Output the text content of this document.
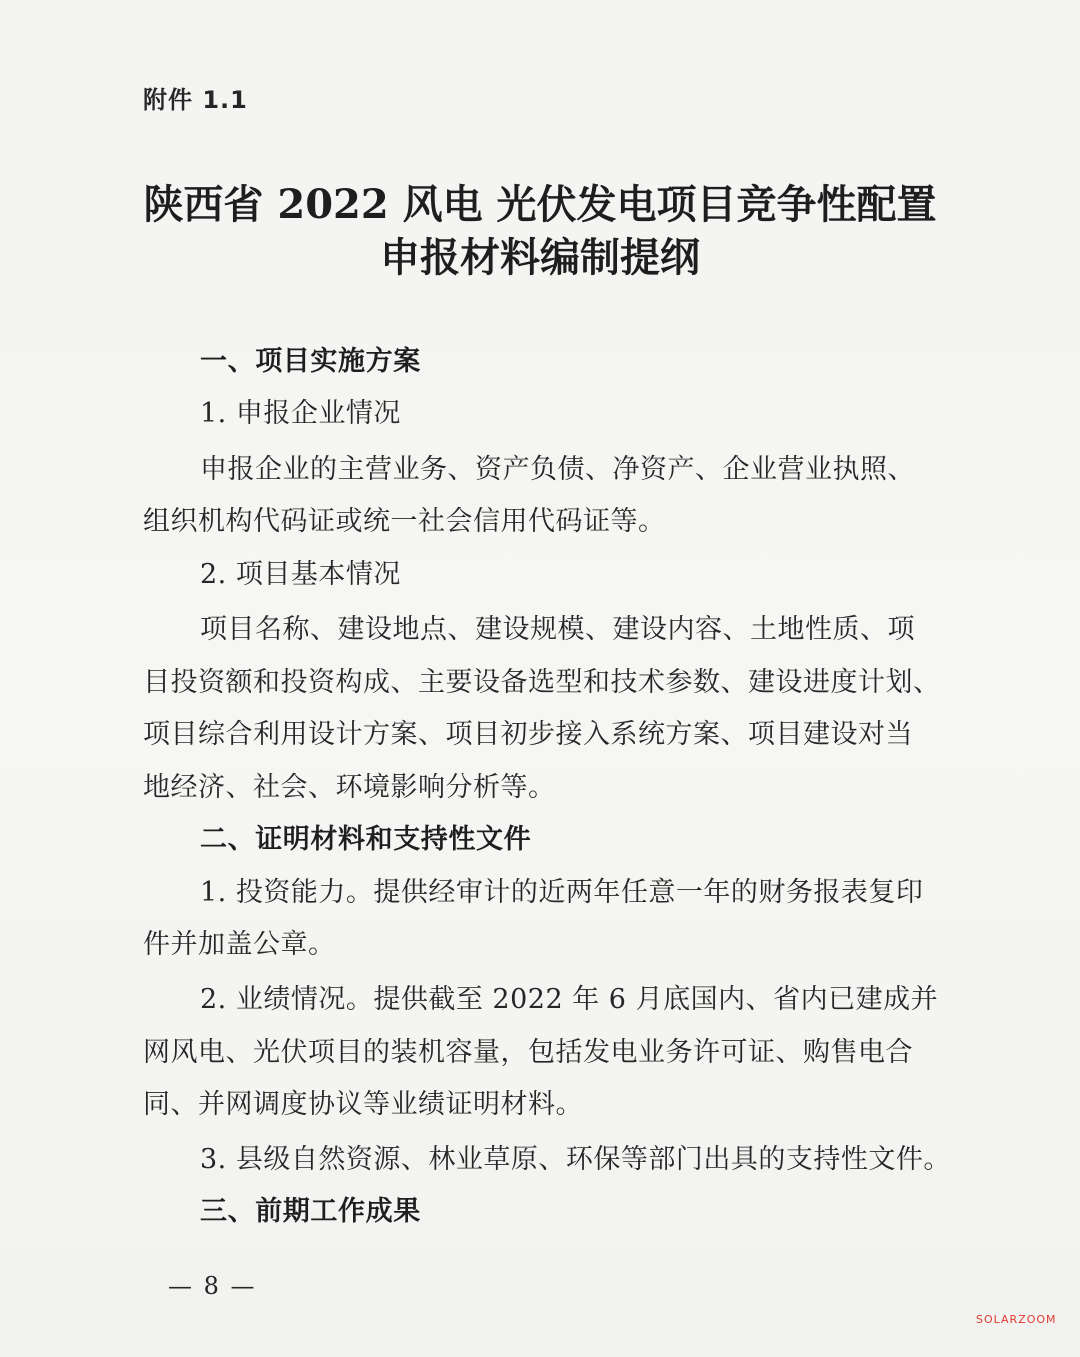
附件 1.1
陕西省 2022 风电 光伏发电项目竞争性配置
申报材料编制提纲
一、项目实施方案
1. 申报企业情况
申报企业的主营业务、资产负债、净资产、企业营业执照、
组织机构代码证或统一社会信用代码证等。
2. 项目基本情况
项目名称、建设地点、建设规模、建设内容、土地性质、项
目投资额和投资构成、主要设备选型和技术参数、建设进度计划、
项目综合利用设计方案、项目初步接入系统方案、项目建设对当
地经济、社会、环境影响分析等。
二、证明材料和支持性文件
1. 投资能力。提供经审计的近两年任意一年的财务报表复印
件并加盖公章。
2. 业绩情况。提供截至 2022 年 6 月底国内、省内已建成并
网风电、光伏项目的装机容量，包括发电业务许可证、购售电合
同、并网调度协议等业绩证明材料。
3. 县级自然资源、林业草原、环保等部门出具的支持性文件。
三、前期工作成果
— 8 —
SOLARZOOM
